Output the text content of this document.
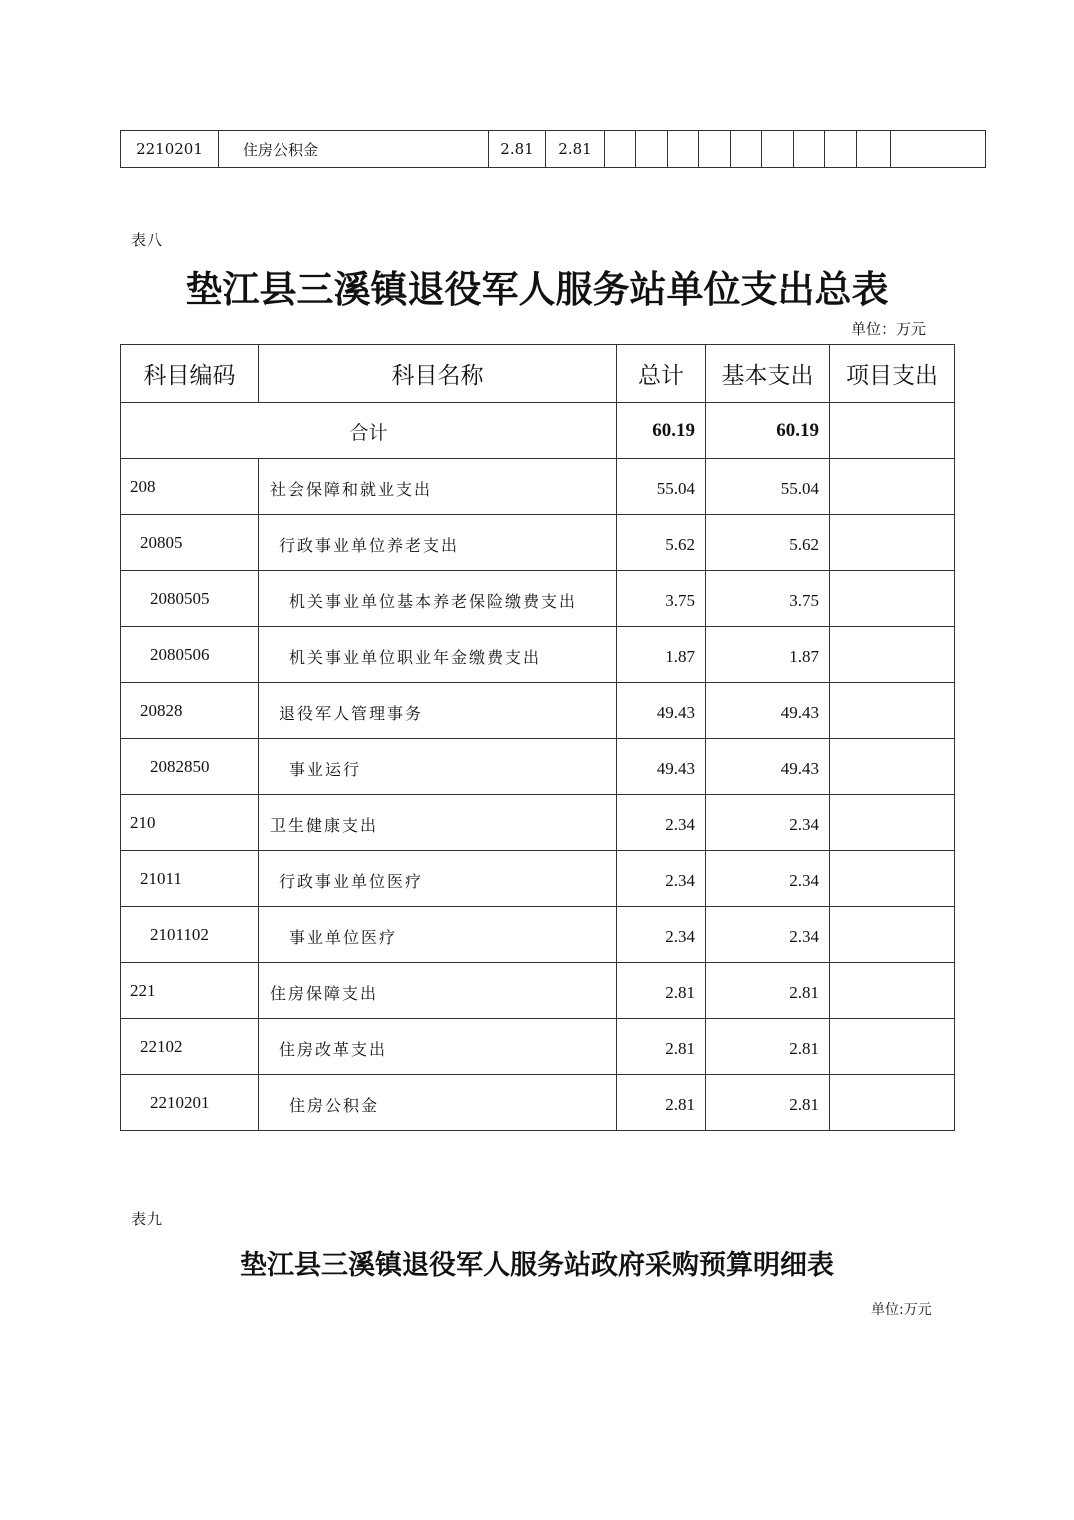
2210201	住房公积金	2.81	2.81										
表八
垫江县三溪镇退役军人服务站单位支出总表
单位：万元
科目编码	科目名称	总计	基本支出	项目支出
合计		60.19	60.19	
208	社会保障和就业支出	55.04	55.04	
20805	行政事业单位养老支出	5.62	5.62	
2080505	机关事业单位基本养老保险缴费支出	3.75	3.75	
2080506	机关事业单位职业年金缴费支出	1.87	1.87	
20828	退役军人管理事务	49.43	49.43	
2082850	事业运行	49.43	49.43	
210	卫生健康支出	2.34	2.34	
21011	行政事业单位医疗	2.34	2.34	
2101102	事业单位医疗	2.34	2.34	
221	住房保障支出	2.81	2.81	
22102	住房改革支出	2.81	2.81	
2210201	住房公积金	2.81	2.81	
表九
垫江县三溪镇退役军人服务站政府采购预算明细表
单位:万元
